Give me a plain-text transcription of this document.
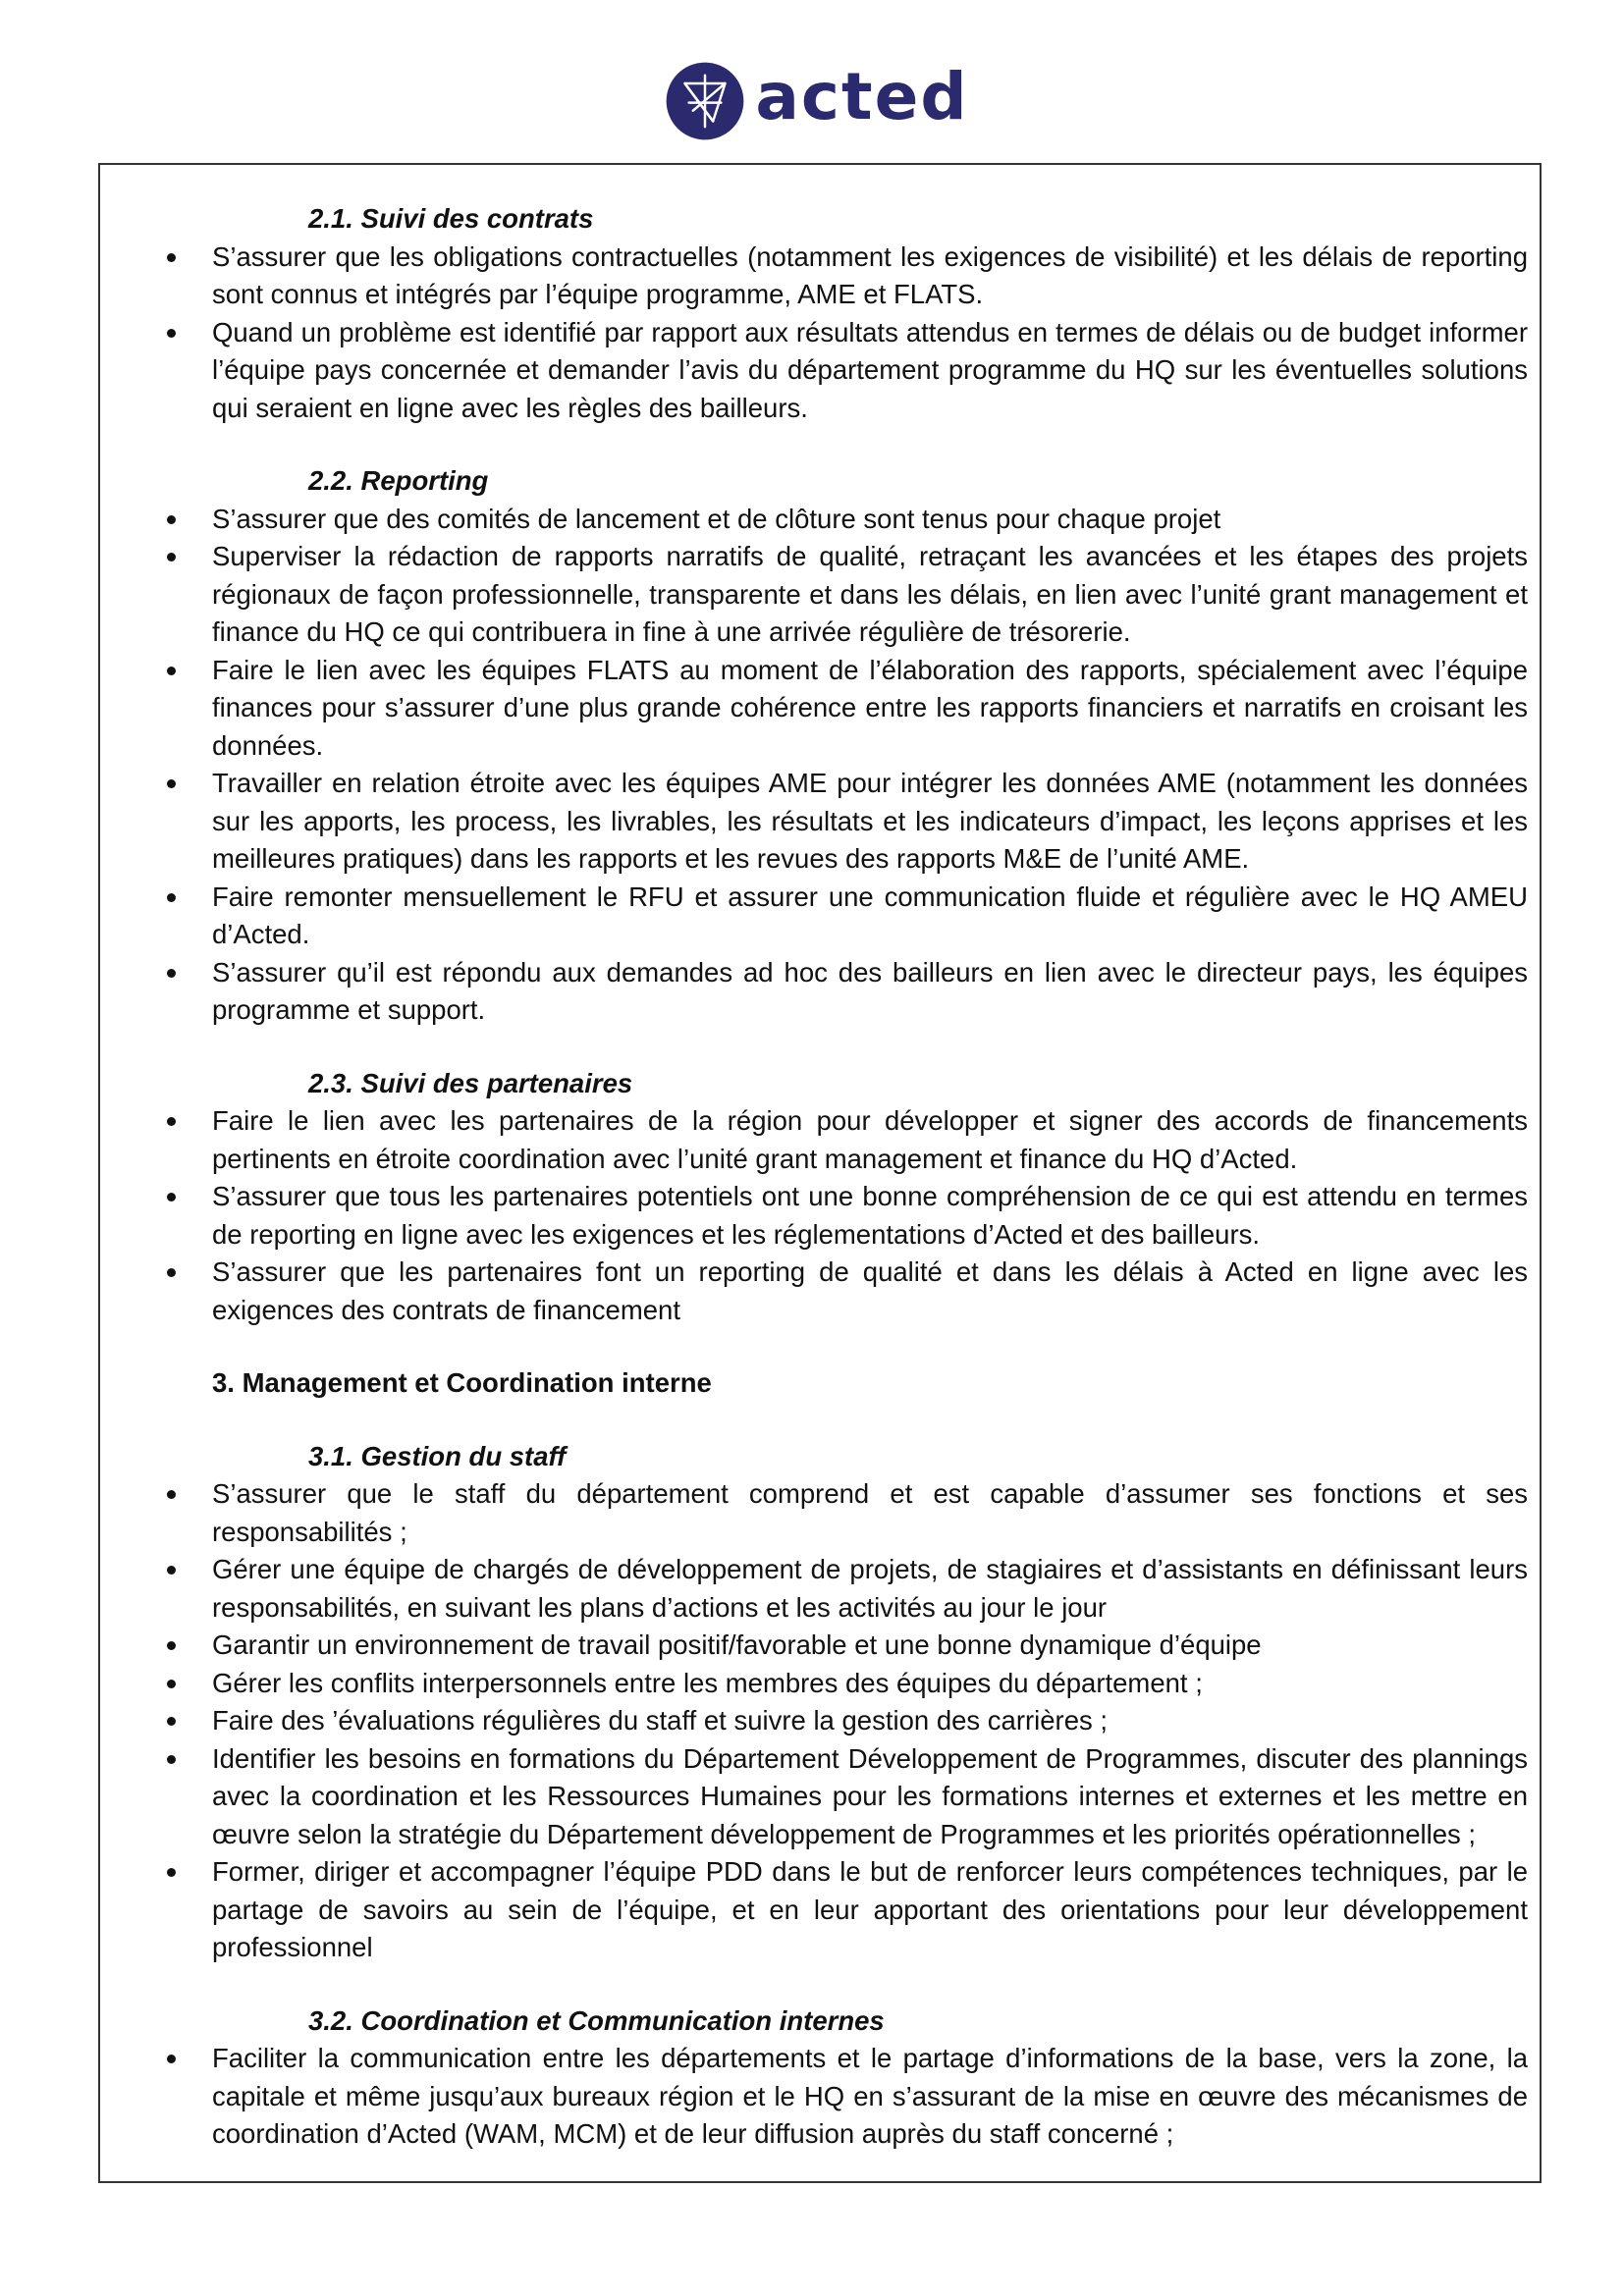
acted
2.1. Suivi des contrats
S’assurer que les obligations contractuelles (notamment les exigences de visibilité) et les délais de reporting sont connus et intégrés par l’équipe programme, AME et FLATS.
Quand un problème est identifié par rapport aux résultats attendus en termes de délais ou de budget informer l’équipe pays concernée et demander l’avis du département programme du HQ sur les éventuelles solutions qui seraient en ligne avec les règles des bailleurs.
2.2. Reporting
S’assurer que des comités de lancement et de clôture sont tenus pour chaque projet
Superviser la rédaction de rapports narratifs de qualité, retraçant les avancées et les étapes des projets régionaux de façon professionnelle, transparente et dans les délais, en lien avec l’unité grant management et finance du HQ ce qui contribuera in fine à une arrivée régulière de trésorerie.
Faire le lien avec les équipes FLATS au moment de l’élaboration des rapports, spécialement avec l’équipe finances pour s’assurer d’une plus grande cohérence entre les rapports financiers et narratifs en croisant les données.
Travailler en relation étroite avec les équipes AME pour intégrer les données AME (notamment les données sur les apports, les process, les livrables, les résultats et les indicateurs d’impact, les leçons apprises et les meilleures pratiques) dans les rapports et les revues des rapports M&E de l’unité AME.
Faire remonter mensuellement le RFU et assurer une communication fluide et régulière avec le HQ AMEU d’Acted.
S’assurer qu’il est répondu aux demandes ad hoc des bailleurs en lien avec le directeur pays, les équipes programme et support.
2.3. Suivi des partenaires
Faire le lien avec les partenaires de la région pour développer et signer des accords de financements pertinents en étroite coordination avec l’unité grant management et finance du HQ d’Acted.
S’assurer que tous les partenaires potentiels ont une bonne compréhension de ce qui est attendu en termes de reporting en ligne avec les exigences et les réglementations d’Acted et des bailleurs.
S’assurer que les partenaires font un reporting de qualité et dans les délais à Acted en ligne avec les exigences des contrats de financement
3. Management et Coordination interne
3.1. Gestion du staff
S’assurer que le staff du département comprend et est capable d’assumer ses fonctions et ses responsabilités ;
Gérer une équipe de chargés de développement de projets, de stagiaires et d’assistants en définissant leurs responsabilités, en suivant les plans d’actions et les activités au jour le jour
Garantir un environnement de travail positif/favorable et une bonne dynamique d’équipe
Gérer les conflits interpersonnels entre les membres des équipes du département ;
Faire des ’évaluations régulières du staff et suivre la gestion des carrières ;
Identifier les besoins en formations du Département Développement de Programmes, discuter des plannings avec la coordination et les Ressources Humaines pour les formations internes et externes et les mettre en œuvre selon la stratégie du Département développement de Programmes et les priorités opérationnelles ;
Former, diriger et accompagner l’équipe PDD dans le but de renforcer leurs compétences techniques, par le partage de savoirs au sein de l’équipe, et en leur apportant des orientations pour leur développement professionnel
3.2. Coordination et Communication internes
Faciliter la communication entre les départements et le partage d’informations de la base, vers la zone, la capitale et même jusqu’aux bureaux région et le HQ en s’assurant de la mise en œuvre des mécanismes de coordination d’Acted (WAM, MCM) et de leur diffusion auprès du staff concerné ;
